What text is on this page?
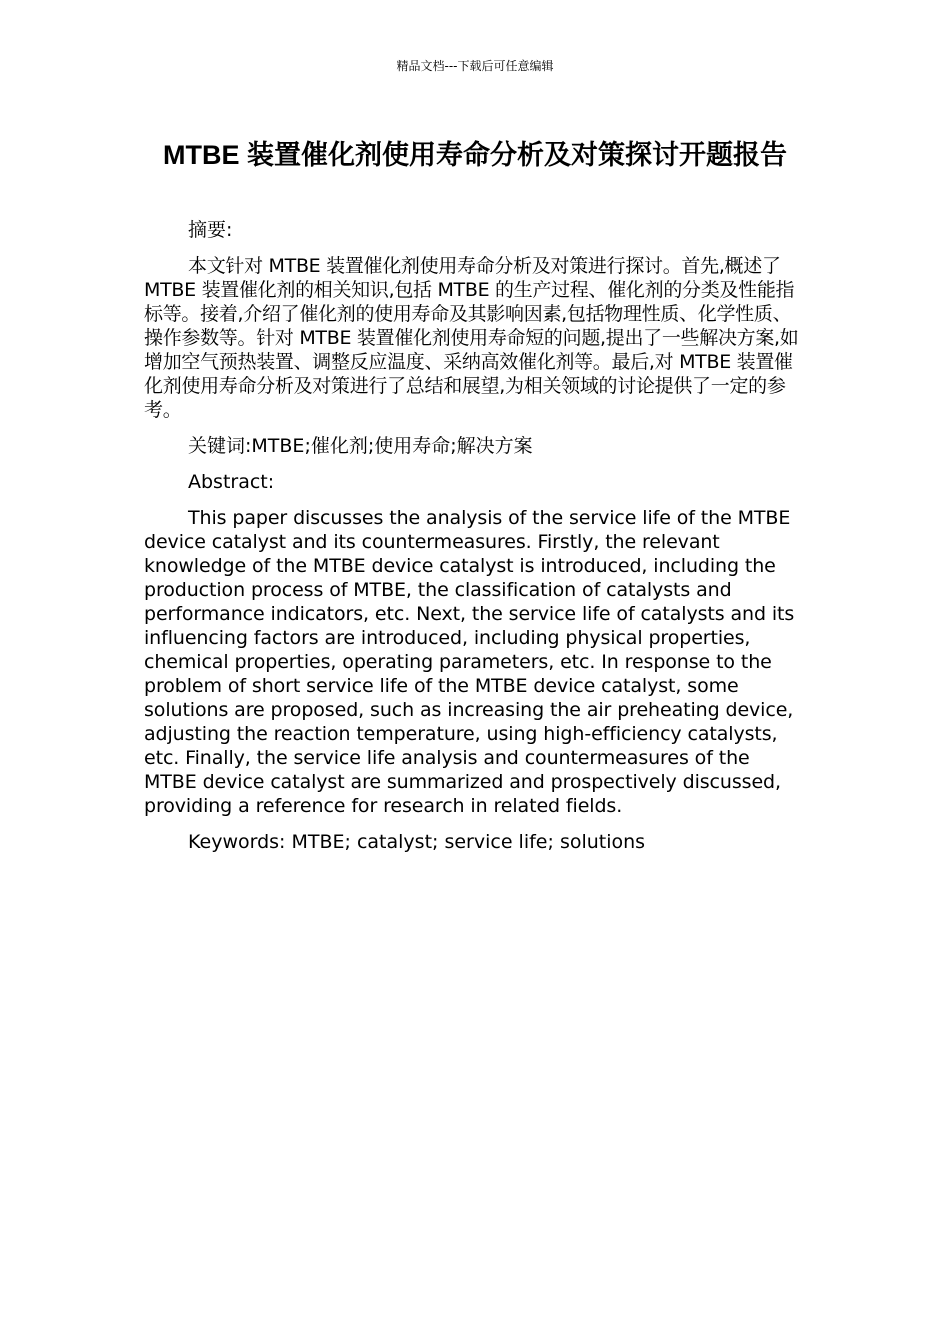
精品文档---下载后可任意编辑
MTBE 装置催化剂使用寿命分析及对策探讨开题报告

摘要:

本文针对 MTBE 装置催化剂使用寿命分析及对策进行探讨。首先,概述了 MTBE 装置催化剂的相关知识,包括 MTBE 的生产过程、催化剂的分类及性能指标等。接着,介绍了催化剂的使用寿命及其影响因素,包括物理性质、化学性质、操作参数等。针对 MTBE 装置催化剂使用寿命短的问题,提出了一些解决方案,如增加空气预热装置、调整反应温度、采纳高效催化剂等。最后,对 MTBE 装置催化剂使用寿命分析及对策进行了总结和展望,为相关领域的讨论提供了一定的参考。

关键词:MTBE;催化剂;使用寿命;解决方案

Abstract:

This paper discusses the analysis of the service life of the MTBE device catalyst and its countermeasures. Firstly, the relevant knowledge of the MTBE device catalyst is introduced, including the production process of MTBE, the classification of catalysts and performance indicators, etc. Next, the service life of catalysts and its influencing factors are introduced, including physical properties, chemical properties, operating parameters, etc. In response to the problem of short service life of the MTBE device catalyst, some solutions are proposed, such as increasing the air preheating device, adjusting the reaction temperature, using high-efficiency catalysts, etc. Finally, the service life analysis and countermeasures of the MTBE device catalyst are summarized and prospectively discussed, providing a reference for research in related fields.

Keywords: MTBE; catalyst; service life; solutions
